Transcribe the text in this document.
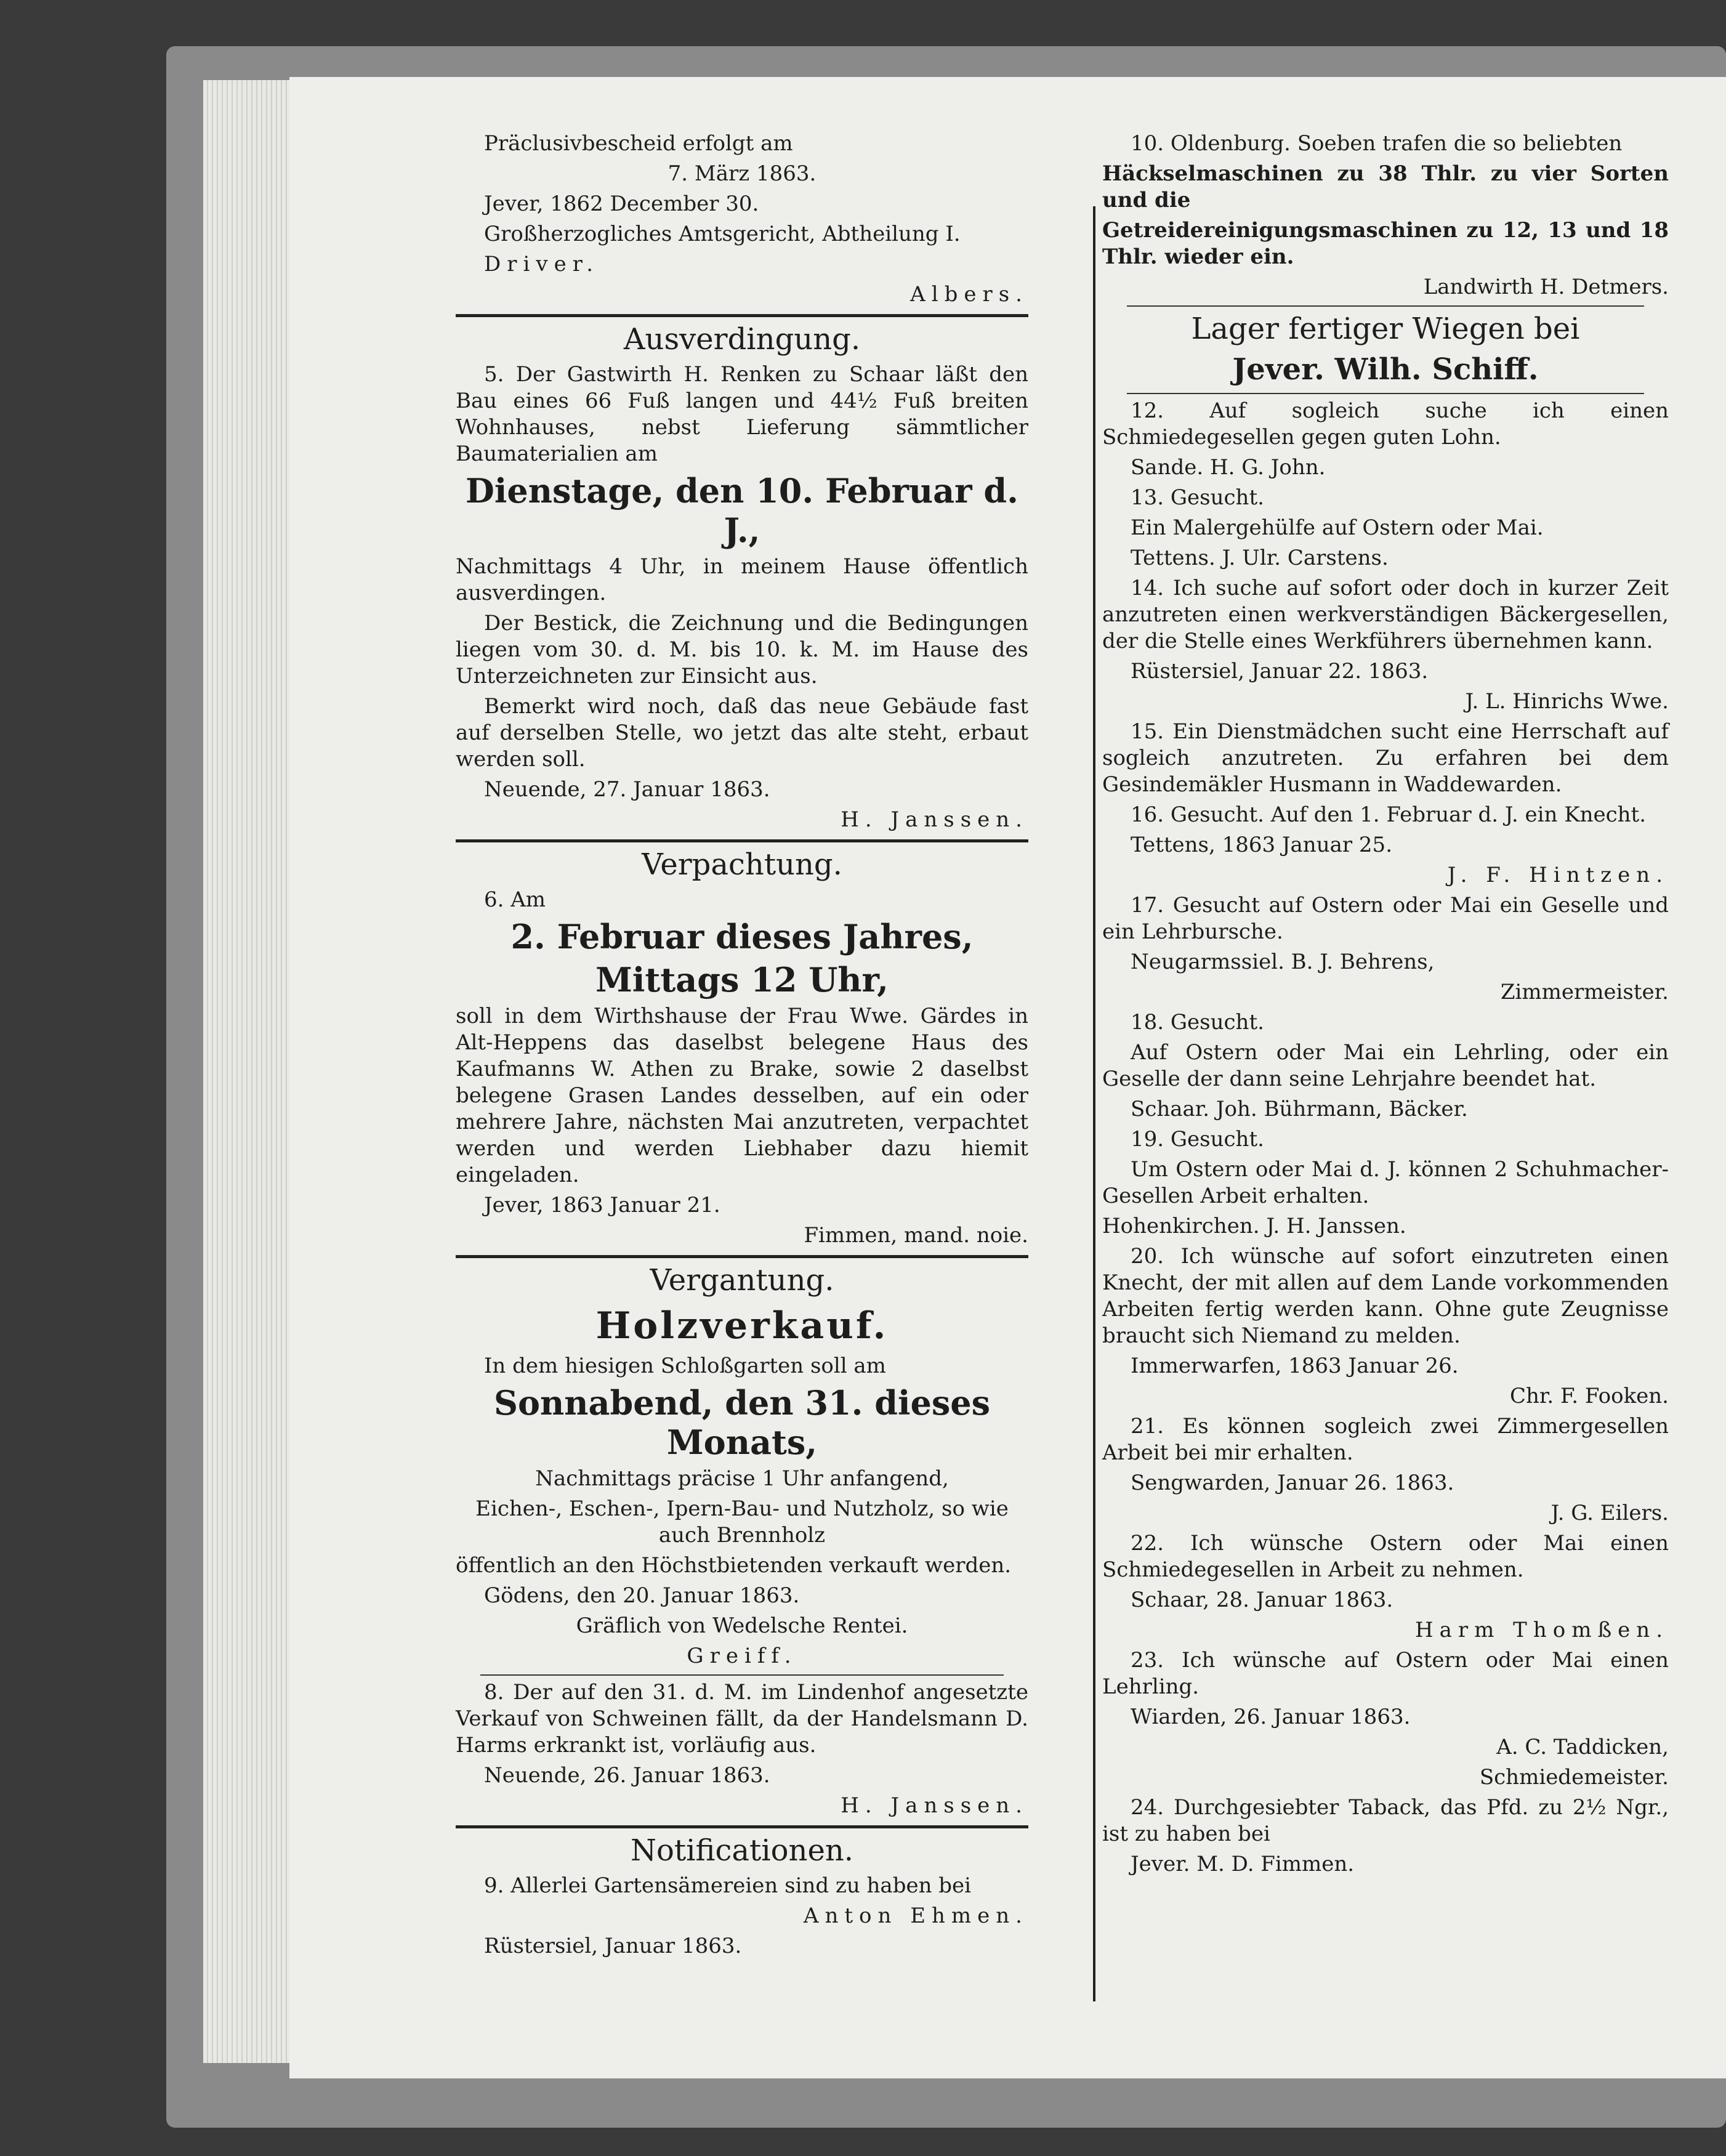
Präclusivbescheid erfolgt am
7. März 1863.
Jever, 1862 December 30.
Großherzogliches Amtsgericht, Abtheilung I.
Driver.
Albers.
Ausverdingung.
5. Der Gastwirth H. Renken zu Schaar läßt den Bau eines 66 Fuß langen und 44½ Fuß breiten Wohnhauses, nebst Lieferung sämmtlicher Baumaterialien am
Dienstage, den 10. Februar d. J.,
Nachmittags 4 Uhr, in meinem Hause öffentlich ausverdingen.
Der Bestick, die Zeichnung und die Bedingungen liegen vom 30. d. M. bis 10. k. M. im Hause des Unterzeichneten zur Einsicht aus.
Bemerkt wird noch, daß das neue Gebäude fast auf derselben Stelle, wo jetzt das alte steht, erbaut werden soll.
Neuende, 27. Januar 1863.
H. Janssen.
Verpachtung.
6. Am
2. Februar dieses Jahres,
Mittags 12 Uhr,
soll in dem Wirthshause der Frau Wwe. Gärdes in Alt-Heppens das daselbst belegene Haus des Kaufmanns W. Athen zu Brake, sowie 2 daselbst belegene Grasen Landes desselben, auf ein oder mehrere Jahre, nächsten Mai anzutreten, verpachtet werden und werden Liebhaber dazu hiemit eingeladen.
Jever, 1863 Januar 21.
Fimmen, mand. noie.
Vergantung.
Holzverkauf.
In dem hiesigen Schloßgarten soll am
Sonnabend, den 31. dieses Monats,
Nachmittags präcise 1 Uhr anfangend,
Eichen-, Eschen-, Ipern-Bau- und Nutzholz, so wie auch Brennholz
öffentlich an den Höchstbietenden verkauft werden.
Gödens, den 20. Januar 1863.
Gräflich von Wedelsche Rentei.
Greiff.
8. Der auf den 31. d. M. im Lindenhof angesetzte Verkauf von Schweinen fällt, da der Handelsmann D. Harms erkrankt ist, vorläufig aus.
Neuende, 26. Januar 1863.
H. Janssen.
Notificationen.
9. Allerlei Gartensämereien sind zu haben bei
Anton Ehmen.
Rüstersiel, Januar 1863.
10. Oldenburg. Soeben trafen die so beliebten
Häckselmaschinen zu 38 Thlr. zu vier Sorten und die
Getreidereinigungsmaschinen zu 12, 13 und 18 Thlr. wieder ein.
Landwirth H. Detmers.
Lager fertiger Wiegen bei
Jever. Wilh. Schiff.
12. Auf sogleich suche ich einen Schmiedegesellen gegen guten Lohn.
Sande. H. G. John.
13. Gesucht.
Ein Malergehülfe auf Ostern oder Mai.
Tettens. J. Ulr. Carstens.
14. Ich suche auf sofort oder doch in kurzer Zeit anzutreten einen werkverständigen Bäckergesellen, der die Stelle eines Werkführers übernehmen kann.
Rüstersiel, Januar 22. 1863.
J. L. Hinrichs Wwe.
15. Ein Dienstmädchen sucht eine Herrschaft auf sogleich anzutreten. Zu erfahren bei dem Gesindemäkler Husmann in Waddewarden.
16. Gesucht. Auf den 1. Februar d. J. ein Knecht.
Tettens, 1863 Januar 25.
J. F. Hintzen.
17. Gesucht auf Ostern oder Mai ein Geselle und ein Lehrbursche.
Neugarmssiel. B. J. Behrens,
Zimmermeister.
18. Gesucht.
Auf Ostern oder Mai ein Lehrling, oder ein Geselle der dann seine Lehrjahre beendet hat.
Schaar. Joh. Bührmann, Bäcker.
19. Gesucht.
Um Ostern oder Mai d. J. können 2 Schuhmacher-Gesellen Arbeit erhalten.
Hohenkirchen. J. H. Janssen.
20. Ich wünsche auf sofort einzutreten einen Knecht, der mit allen auf dem Lande vorkommenden Arbeiten fertig werden kann. Ohne gute Zeugnisse braucht sich Niemand zu melden.
Immerwarfen, 1863 Januar 26.
Chr. F. Fooken.
21. Es können sogleich zwei Zimmergesellen Arbeit bei mir erhalten.
Sengwarden, Januar 26. 1863.
J. G. Eilers.
22. Ich wünsche Ostern oder Mai einen Schmiedegesellen in Arbeit zu nehmen.
Schaar, 28. Januar 1863.
Harm Thomßen.
23. Ich wünsche auf Ostern oder Mai einen Lehrling.
Wiarden, 26. Januar 1863.
A. C. Taddicken,
Schmiedemeister.
24. Durchgesiebter Taback, das Pfd. zu 2½ Ngr., ist zu haben bei
Jever. M. D. Fimmen.
